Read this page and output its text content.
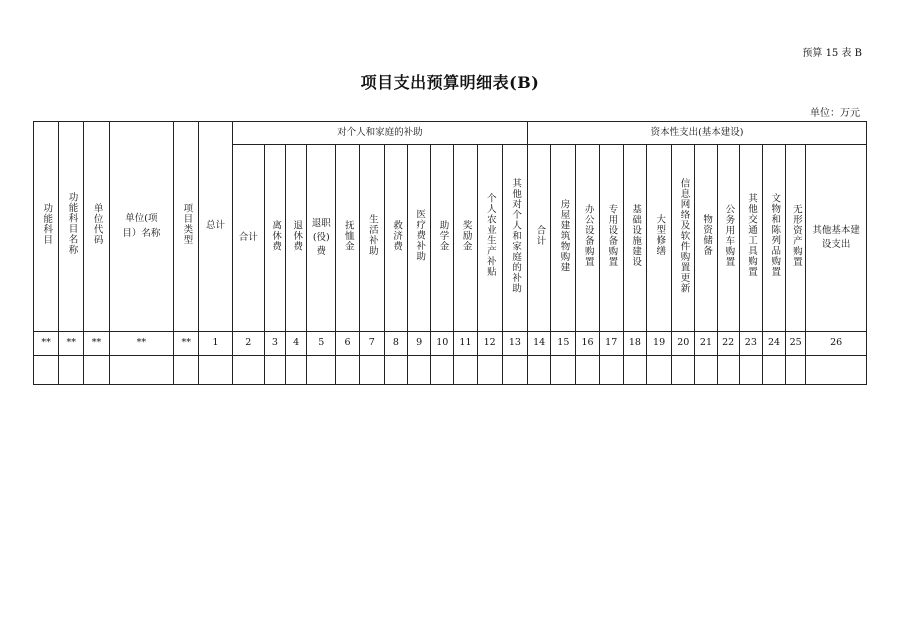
预算 15 表 B
项目支出预算明细表(B)
单位：万元
功能科目	功能科目名称	单位代码	单位(项目）名称	项目类型	总计	对个人和家庭的补助												资本性支出(基本建设)												
						合计	离休费	退休费	退职(役)费	抚恤金	生活补助	救济费	医疗费补助	助学金	奖励金	个人农业生产补贴	其他对个人和家庭的补助	合计	房屋建筑物购建	办公设备购置	专用设备购置	基础设施建设	大型修缮	信息网络及软件购置更新	物资储备	公务用车购置	其他交通工具购置	文物和陈列品购置	无形资产购置	其他基本建设支出
**	**	**	**	**	1	2	3	4	5	6	7	8	9	10	11	12	13	14	15	16	17	18	19	20	21	22	23	24	25	26
